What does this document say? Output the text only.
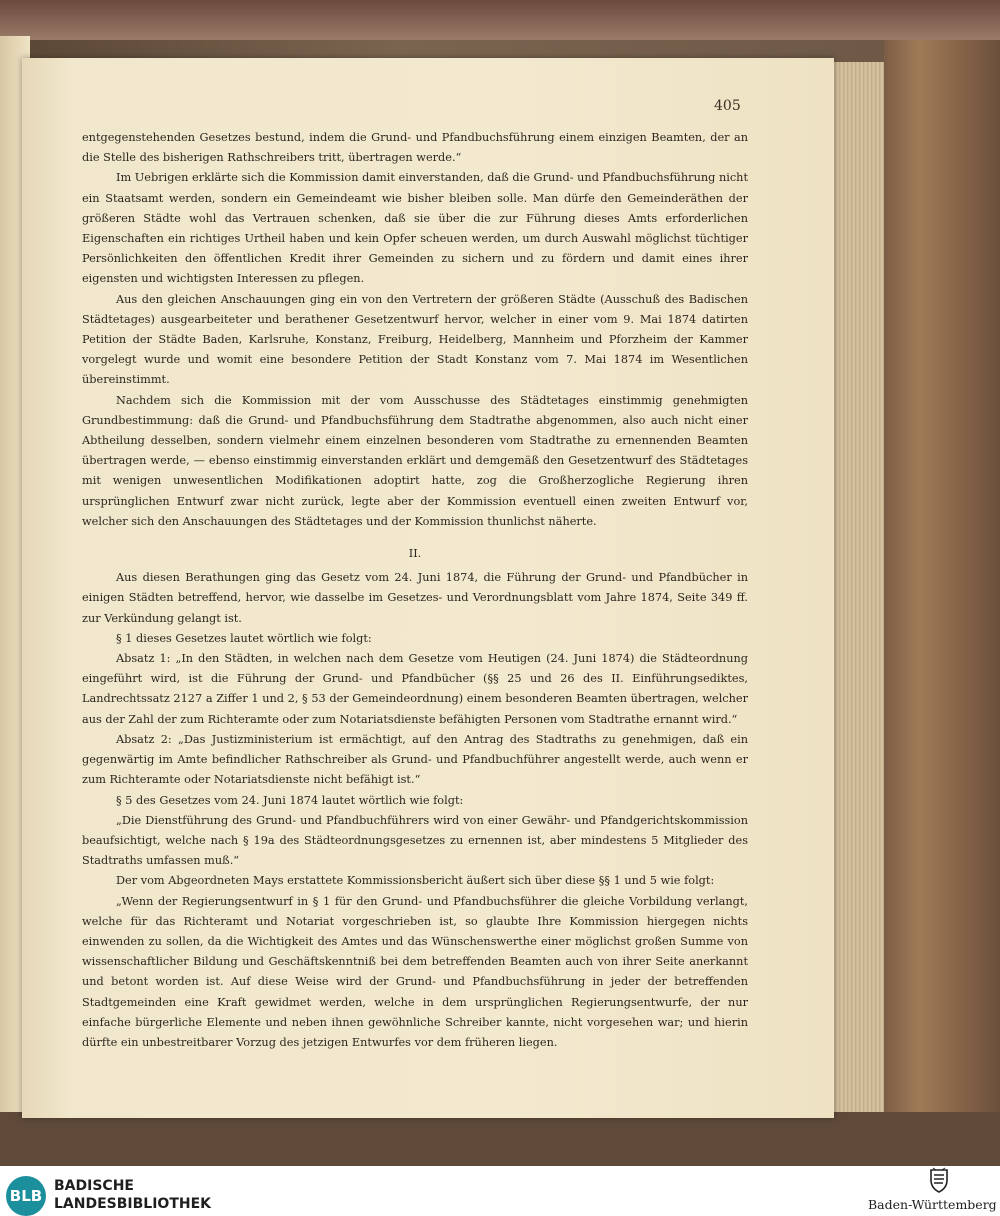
405

entgegenstehenden Gesetzes bestund, indem die Grund- und Pfandbuchsführung einem einzigen Beamten, der an die Stelle des bisherigen Rathschreibers tritt, übertragen werde.“

Im Uebrigen erklärte sich die Kommission damit einverstanden, daß die Grund- und Pfandbuchsführung nicht ein Staatsamt werden, sondern ein Gemeindeamt wie bisher bleiben solle. Man dürfe den Gemeinderäthen der größeren Städte wohl das Vertrauen schenken, daß sie über die zur Führung dieses Amts erforderlichen Eigenschaften ein richtiges Urtheil haben und kein Opfer scheuen werden, um durch Auswahl möglichst tüchtiger Persönlichkeiten den öffentlichen Kredit ihrer Gemeinden zu sichern und zu fördern und damit eines ihrer eigensten und wichtigsten Interessen zu pflegen.

Aus den gleichen Anschauungen ging ein von den Vertretern der größeren Städte (Ausschuß des Badischen Städtetages) ausgearbeiteter und berathener Gesetzentwurf hervor, welcher in einer vom 9. Mai 1874 datirten Petition der Städte Baden, Karlsruhe, Konstanz, Freiburg, Heidelberg, Mannheim und Pforzheim der Kammer vorgelegt wurde und womit eine besondere Petition der Stadt Konstanz vom 7. Mai 1874 im Wesentlichen übereinstimmt.

Nachdem sich die Kommission mit der vom Ausschusse des Städtetages einstimmig genehmigten Grundbestimmung: daß die Grund- und Pfandbuchsführung dem Stadtrathe abgenommen, also auch nicht einer Abtheilung desselben, sondern vielmehr einem einzelnen besonderen vom Stadtrathe zu ernennenden Beamten übertragen werde, — ebenso einstimmig einverstanden erklärt und demgemäß den Gesetzentwurf des Städtetages mit wenigen unwesentlichen Modifikationen adoptirt hatte, zog die Großherzogliche Regierung ihren ursprünglichen Entwurf zwar nicht zurück, legte aber der Kommission eventuell einen zweiten Entwurf vor, welcher sich den Anschauungen des Städtetages und der Kommission thunlichst näherte.

II.

Aus diesen Berathungen ging das Gesetz vom 24. Juni 1874, die Führung der Grund- und Pfandbücher in einigen Städten betreffend, hervor, wie dasselbe im Gesetzes- und Verordnungsblatt vom Jahre 1874, Seite 349 ff. zur Verkündung gelangt ist.

§ 1 dieses Gesetzes lautet wörtlich wie folgt:

Absatz 1: „In den Städten, in welchen nach dem Gesetze vom Heutigen (24. Juni 1874) die Städteordnung eingeführt wird, ist die Führung der Grund- und Pfandbücher (§§ 25 und 26 des II. Einführungsediktes, Landrechtssatz 2127 a Ziffer 1 und 2, § 53 der Gemeindeordnung) einem besonderen Beamten übertragen, welcher aus der Zahl der zum Richteramte oder zum Notariatsdienste befähigten Personen vom Stadtrathe ernannt wird.“

Absatz 2: „Das Justizministerium ist ermächtigt, auf den Antrag des Stadtraths zu genehmigen, daß ein gegenwärtig im Amte befindlicher Rathschreiber als Grund- und Pfandbuchführer angestellt werde, auch wenn er zum Richteramte oder Notariatsdienste nicht befähigt ist.“

§ 5 des Gesetzes vom 24. Juni 1874 lautet wörtlich wie folgt:

„Die Dienstführung des Grund- und Pfandbuchführers wird von einer Gewähr- und Pfandgerichtskommission beaufsichtigt, welche nach § 19a des Städteordnungsgesetzes zu ernennen ist, aber mindestens 5 Mitglieder des Stadtraths umfassen muß.“

Der vom Abgeordneten Mays erstattete Kommissionsbericht äußert sich über diese §§ 1 und 5 wie folgt:

„Wenn der Regierungsentwurf in § 1 für den Grund- und Pfandbuchsführer die gleiche Vorbildung verlangt, welche für das Richteramt und Notariat vorgeschrieben ist, so glaubte Ihre Kommission hiergegen nichts einwenden zu sollen, da die Wichtigkeit des Amtes und das Wünschenswerthe einer möglichst großen Summe von wissenschaftlicher Bildung und Geschäftskenntniß bei dem betreffenden Beamten auch von ihrer Seite anerkannt und betont worden ist. Auf diese Weise wird der Grund- und Pfandbuchsführung in jeder der betreffenden Stadtgemeinden eine Kraft gewidmet werden, welche in dem ursprünglichen Regierungsentwurfe, der nur einfache bürgerliche Elemente und neben ihnen gewöhnliche Schreiber kannte, nicht vorgesehen war; und hierin dürfte ein unbestreitbarer Vorzug des jetzigen Entwurfes vor dem früheren liegen.

BLB
BADISCHE
LANDESBIBLIOTHEK	Baden-Württemberg
